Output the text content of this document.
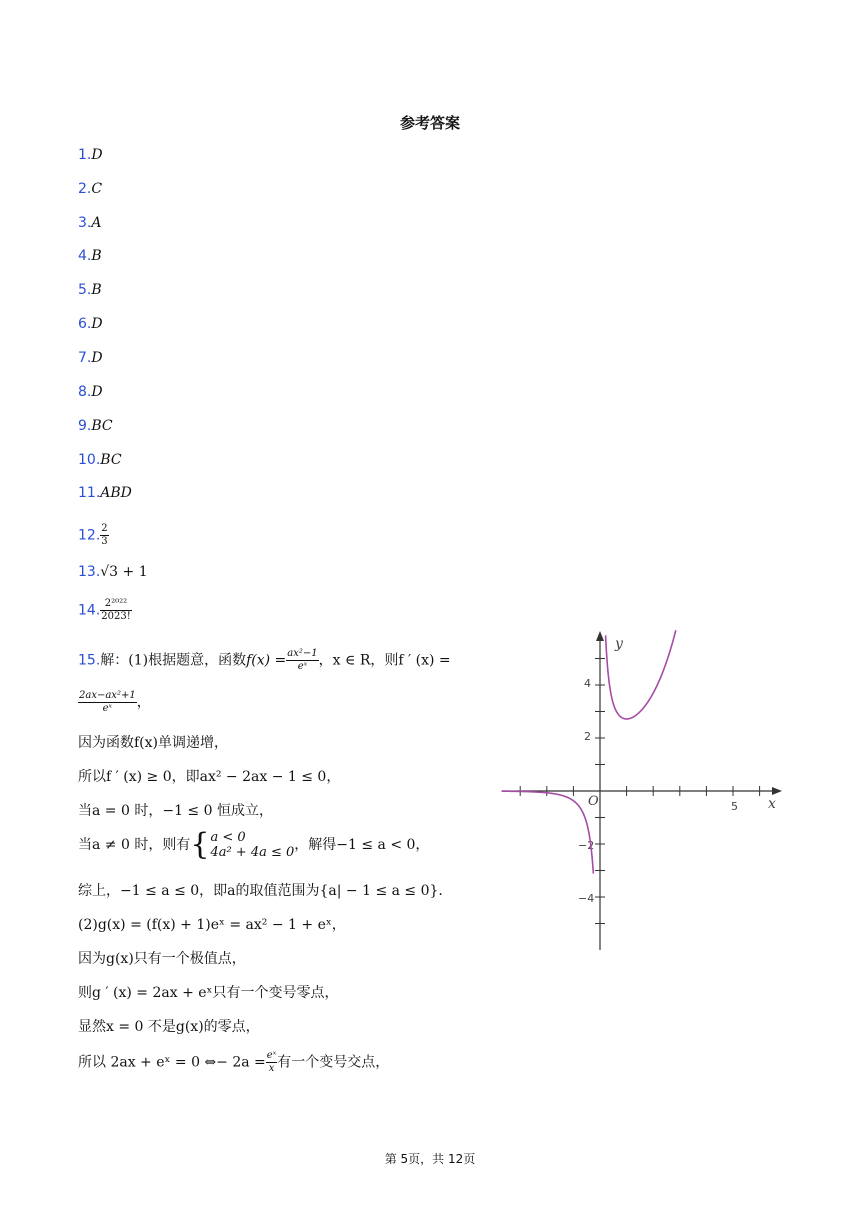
参考答案
1.D
2.C
3.A
4.B
5.B
6.D
7.D
8.D
9.BC
10.BC
11.ABD
12. $\frac{2}{3}$
13.√3 + 1
14. $\frac{\text{2²⁰²²}}{2023!}$
15.解：(1)根据题意，函数$f(x) = \frac{\text{ax²−1}}{\text{eˣ}}$ ，x ∈ R，则f ′ (x) =
$\frac{\text{2ax−ax²+1}}{\text{eˣ}}$ ，
因为函数f(x)单调递增，
所以f ′ (x) ≥ 0，即ax² − 2ax − 1 ≤ 0，
当a = 0 时，−1 ≤ 0 恒成立，
当a ≠ 0 时，则有{ a < 0
4a² + 4a ≤ 0 ，解得−1 ≤ a < 0，
综上，−1 ≤ a ≤ 0，即a的取值范围为{a| − 1 ≤ a ≤ 0}.
(2)g(x) = (f(x) + 1)eˣ = ax² − 1 + eˣ，
因为g(x)只有一个极值点，
则g ′ (x) = 2ax + eˣ只有一个变号零点，
显然x = 0 不是g(x)的零点，
所以 2ax + eˣ = 0 ⇔− $2a = \frac{\text{eˣ}}{x}$ 有一个变号交点，
x
y
O	5
4
2
−2
−4
第 5页，共 12页
